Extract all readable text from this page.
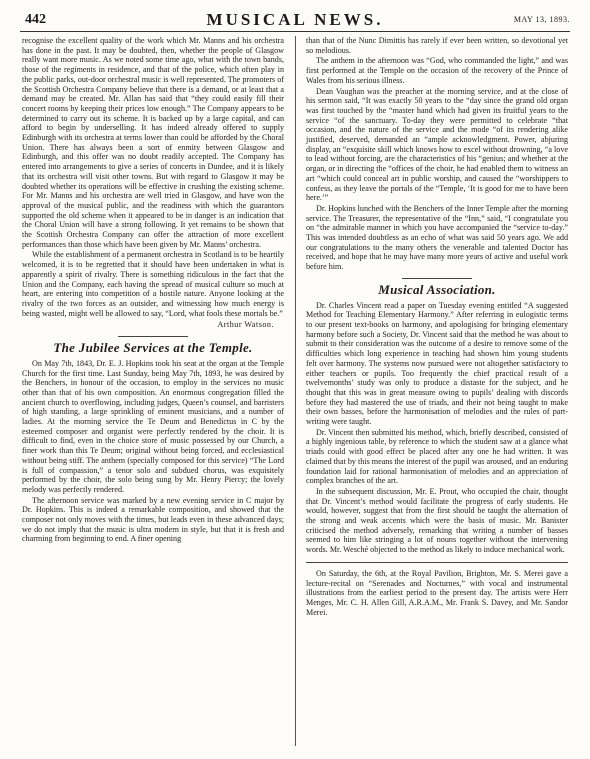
442	MUSICAL NEWS.	MAY 13, 1893.

recognise the excellent quality of the work which Mr. Manns and his orchestra has done in the past. It may be doubted, then, whether the people of Glasgow really want more music. As we noted some time ago, what with the town bands, those of the regiments in residence, and that of the police, which often play in the public parks, out-door orchestral music is well represented. The promoters of the Scottish Orchestra Company believe that there is a demand, or at least that a demand may be created. Mr. Allan has said that “they could easily fill their concert rooms by keeping their prices low enough.” The Company appears to be determined to carry out its scheme. It is backed up by a large capital, and can afford to begin by underselling. It has indeed already offered to supply Edinburgh with its orchestra at terms lower than could be afforded by the Choral Union. There has always been a sort of enmity between Glasgow and Edinburgh, and this offer was no doubt readily accepted. The Company has entered into arrangements to give a series of concerts in Dundee, and it is likely that its orchestra will visit other towns. But with regard to Glasgow it may be doubted whether its operations will be effective in crushing the existing scheme. For Mr. Manns and his orchestra are well tried in Glasgow, and have won the approval of the musical public, and the readiness with which the guarantors supported the old scheme when it appeared to be in danger is an indication that the Choral Union will have a strong following. It yet remains to be shown that the Scottish Orchestra Company can offer the attraction of more excellent performances than those which have been given by Mr. Manns’ orchestra.

While the establishment of a permanent orchestra in Scotland is to be heartily welcomed, it is to be regretted that it should have been undertaken in what is apparently a spirit of rivalry. There is something ridiculous in the fact that the Union and the Company, each having the spread of musical culture so much at heart, are entering into competition of a hostile nature. Anyone looking at the rivalry of the two forces as an outsider, and witnessing how much energy is being wasted, might well be allowed to say, “Lord, what fools these mortals be.”

Arthur Watson.
The Jubilee Services at the Temple.

On May 7th, 1843, Dr. E. J. Hopkins took his seat at the organ at the Temple Church for the first time. Last Sunday, being May 7th, 1893, he was desired by the Benchers, in honour of the occasion, to employ in the services no music other than that of his own composition. An enormous congregation filled the ancient church to overflowing, including judges, Queen’s counsel, and barristers of high standing, a large sprinkling of eminent musicians, and a number of ladies. At the morning service the Te Deum and Benedictus in C by the esteemed composer and organist were perfectly rendered by the choir. It is difficult to find, even in the choice store of music possessed by our Church, a finer work than this Te Deum; original without being forced, and ecclesiastical without being stiff. The anthem (specially composed for this service) “The Lord is full of compassion,” a tenor solo and subdued chorus, was exquisitely performed by the choir, the solo being sung by Mr. Henry Piercy; the lovely melody was perfectly rendered.

The afternoon service was marked by a new evening service in C major by Dr. Hopkins. This is indeed a remarkable composition, and showed that the composer not only moves with the times, but leads even in these advanced days; we do not imply that the music is ultra modern in style, but that it is fresh and charming from beginning to end. A finer opening

than that of the Nunc Dimittis has rarely if ever been written, so devotional yet so melodious.

The anthem in the afternoon was “God, who commanded the light,” and was first performed at the Temple on the occasion of the recovery of the Prince of Wales from his serious illness.

Dean Vaughan was the preacher at the morning service, and at the close of his sermon said, “It was exactly 50 years to the “day since the grand old organ was first touched by the “master hand which had given its fruitful years to the service “of the sanctuary. To-day they were permitted to celebrate “that occasion, and the nature of the service and the mode “of its rendering alike justified, deserved, demanded an “ample acknowledgment. Power, abjuring display, an “exquisite skill which knows how to excel without drowning, “a love to lead without forcing, are the characteristics of his “genius; and whether at the organ, or in directing the “offices of the choir, he had enabled them to witness an art “which could conceal art in public worship, and caused the “worshippers to confess, as they leave the portals of the “Temple, ‘It is good for me to have been here.’”

Dr. Hopkins lunched with the Benchers of the Inner Temple after the morning service. The Treasurer, the representative of the “Inn,” said, “I congratulate you on “the admirable manner in which you have accompanied the “service to-day.” This was intended doubtless as an echo of what was said 50 years ago. We add our congratulations to the many others the venerable and talented Doctor has received, and hope that he may have many more years of active and useful work before him.

Musical Association.

Dr. Charles Vincent read a paper on Tuesday evening entitled “A suggested Method for Teaching Elementary Harmony.” After referring in eulogistic terms to our present text-books on harmony, and apologising for bringing elementary harmony before such a Society, Dr. Vincent said that the method he was about to submit to their consideration was the outcome of a desire to remove some of the difficulties which long experience in teaching had shown him young students felt over harmony. The systems now pursued were not altogether satisfactory to either teachers or pupils. Too frequently the chief practical result of a twelvemonths’ study was only to produce a distaste for the subject, and he thought that this was in great measure owing to pupils’ dealing with discords before they had mastered the use of triads, and their not being taught to make their own basses, before the harmonisation of melodies and the rules of part-writing were taught.

Dr. Vincent then submitted his method, which, briefly described, consisted of a highly ingenious table, by reference to which the student saw at a glance what triads could with good effect be placed after any one he had written. It was claimed that by this means the interest of the pupil was aroused, and an enduring foundation laid for rational harmonisation of melodies and an appreciation of complex branches of the art.

In the subsequent discussion, Mr. E. Prout, who occupied the chair, thought that Dr. Vincent’s method would facilitate the progress of early students. He would, however, suggest that from the first should be taught the alternation of the strong and weak accents which were the basis of music. Mr. Banister criticised the method adversely, remarking that writing a number of basses seemed to him like stringing a lot of nouns together without the intervening words. Mr. Wesché objected to the method as likely to induce mechanical work.

On Saturday, the 6th, at the Royal Pavilion, Brighton, Mr. S. Merei gave a lecture-recital on “Serenades and Nocturnes,” with vocal and instrumental illustrations from the earliest period to the present day. The artists were Herr Menges, Mr. C. H. Allen Gill, A.R.A.M., Mr. Frank S. Davey, and Mr. Sandor Merei.
